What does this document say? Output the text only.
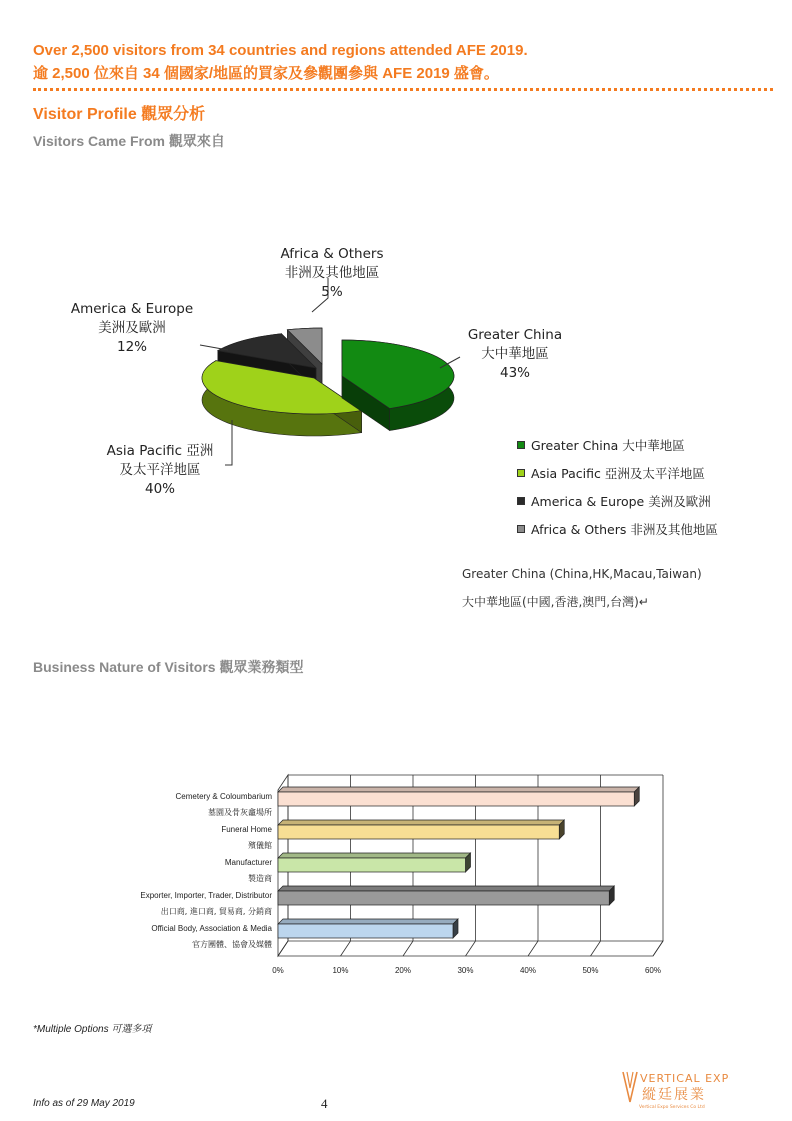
Over 2,500 visitors from 34 countries and regions attended AFE 2019.
逾 2,500 位來自 34 個國家/地區的買家及參觀團參與 AFE 2019 盛會。
Visitor Profile 觀眾分析
Visitors Came From 觀眾來自
Africa & Others
非洲及其他地區
5%
America & Europe
美洲及歐洲
12%
Greater China
大中華地區
43%
Asia Pacific 亞洲
及太平洋地區
40%
Greater China 大中華地區
Asia Pacific 亞洲及太平洋地區
America & Europe 美洲及歐洲
Africa & Others 非洲及其他地區
Greater China (China,HK,Macau,Taiwan)
大中華地區(中國,香港,澳門,台灣)↵
Business Nature of Visitors 觀眾業務類型
Cemetery & Coloumbarium
墓園及骨灰龕場所
Funeral Home
殯儀館
Manufacturer
製造商
Exporter, Importer, Trader, Distributor
出口商, 進口商, 貿易商, 分銷商
Official Body, Association & Media
官方團體、協會及媒體
0%	10%	20%	30%	40%	50%	60%
*Multiple Options 可選多項
Info as of 29 May 2019	4
VERTICAL EXPO
縱廷展業
Vertical Expo Services Co Ltd
